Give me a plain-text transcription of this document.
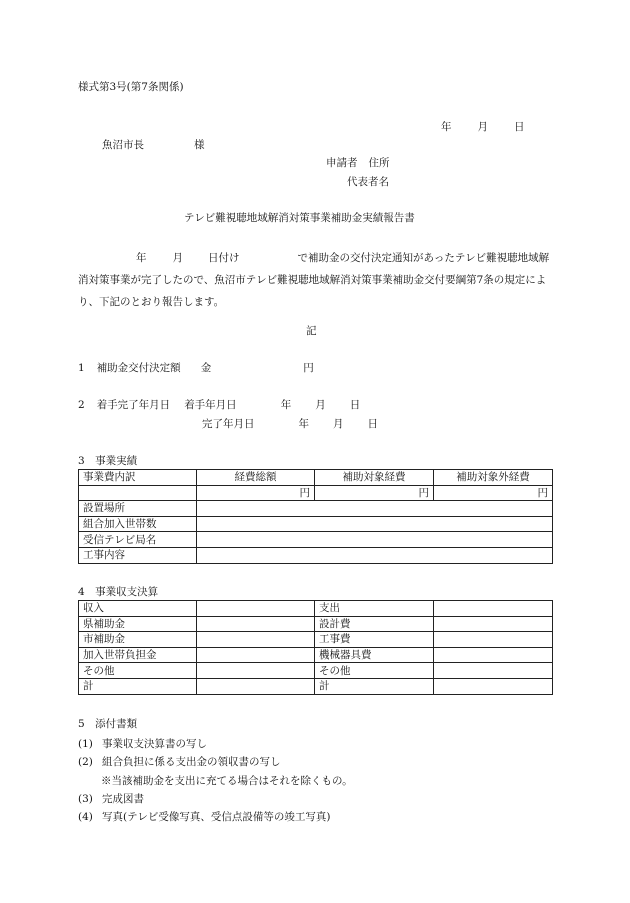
様式第3号(第7条関係)
年 月 日
魚沼市長	様
申請者 住所
代表者名
テレビ難視聴地域解消対策事業補助金実績報告書
年 月 日付け	で補助金の交付決定通知があったテレビ難視聴地域解消対策事業が完了したので、魚沼市テレビ難視聴地域解消対策事業補助金交付要綱第7条の規定により、下記のとおり報告します。
記
1 補助金交付決定額 金	円
2 着手完了年月日 着手年月日	年 月 日
完了年月日	年 月 日
3　事業実績
事業費内訳	経費総額	補助対象経費	補助対象外経費
	円	円	円
設置場所			
組合加入世帯数			
受信テレビ局名			
工事内容			
4　事業収支決算
収入		支出	
県補助金		設計費	
市補助金		工事費	
加入世帯負担金		機械器具費	
その他		その他	
計		計	
5　添付書類
(1) 事業収支決算書の写し
(2) 組合負担に係る支出金の領収書の写し
※当該補助金を支出に充てる場合はそれを除くもの。
(3) 完成図書
(4) 写真(テレビ受像写真、受信点設備等の竣工写真)
